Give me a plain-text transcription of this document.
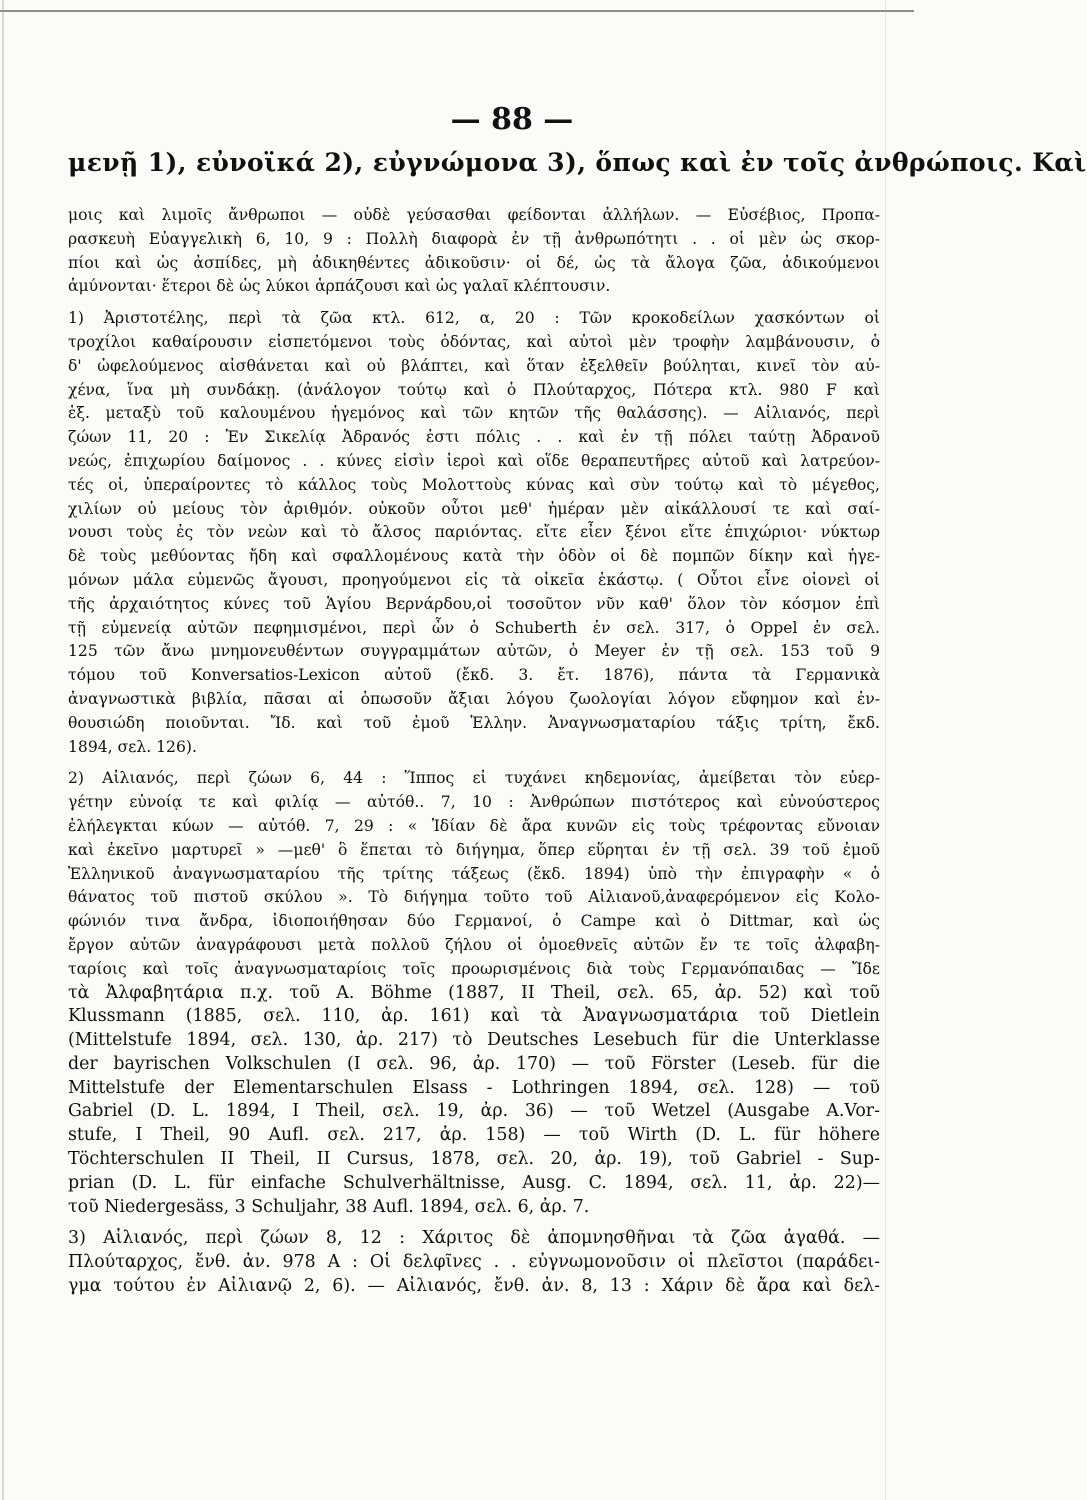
— 88 —
μενῇ 1), εὐνοϊκά 2), εὐγνώμονα 3), ὅπως καὶ ἐν τοῖς ἀνθρώποις. Καὶ
μοις καὶ λιμοῖς ἄνθρωποι — οὐδὲ γεύσασθαι φείδονται ἀλλήλων. — Εὐσέβιος, Προπα-
ρασκευὴ Εὐαγγελικὴ 6, 10, 9 : Πολλὴ διαφορὰ ἐν τῇ ἀνθρωπότητι . . οἱ μὲν ὡς σκορ-
πίοι καὶ ὡς ἀσπίδες, μὴ ἀδικηθέντες ἀδικοῦσιν· οἱ δέ, ὡς τὰ ἄλογα ζῶα, ἀδικούμενοι
ἀμύνονται· ἕτεροι δὲ ὡς λύκοι ἁρπάζουσι καὶ ὡς γαλαῖ κλέπτουσιν.
1) Ἀριστοτέλης, περὶ τὰ ζῶα κτλ. 612, α, 20 : Τῶν κροκοδείλων χασκόντων οἱ
τροχίλοι καθαίρουσιν εἰσπετόμενοι τοὺς ὀδόντας, καὶ αὐτοὶ μὲν τροφὴν λαμβάνουσιν, ὁ
δ' ὠφελούμενος αἰσθάνεται καὶ οὐ βλάπτει, καὶ ὅταν ἐξελθεῖν βούληται, κινεῖ τὸν αὐ-
χένα, ἵνα μὴ συνδάκῃ. (ἀνάλογον τούτῳ καὶ ὁ Πλούταρχος, Πότερα κτλ. 980 F καὶ
ἑξ. μεταξὺ τοῦ καλουμένου ἡγεμόνος καὶ τῶν κητῶν τῆς θαλάσσης). — Αἰλιανός, περὶ
ζώων 11, 20 : Ἐν Σικελίᾳ Ἀδρανός ἐστι πόλις . . καὶ ἐν τῇ πόλει ταύτῃ Ἀδρανοῦ
νεώς, ἐπιχωρίου δαίμονος . . κύνες εἰσὶν ἱεροὶ καὶ οἵδε θεραπευτῆρες αὐτοῦ καὶ λατρεύον-
τές οἱ, ὑπεραίροντες τὸ κάλλος τοὺς Μολοττοὺς κύνας καὶ σὺν τούτῳ καὶ τὸ μέγεθος,
χιλίων οὐ μείους τὸν ἀριθμόν. οὐκοῦν οὗτοι μεθ' ἡμέραν μὲν αἰκάλλουσί τε καὶ σαί-
νουσι τοὺς ἐς τὸν νεὼν καὶ τὸ ἄλσος παριόντας. εἴτε εἶεν ξένοι εἴτε ἐπιχώριοι· νύκτωρ
δὲ τοὺς μεθύοντας ἤδη καὶ σφαλλομένους κατὰ τὴν ὁδὸν οἱ δὲ πομπῶν δίκην καὶ ἡγε-
μόνων μάλα εὐμενῶς ἄγουσι, προηγούμενοι εἰς τὰ οἰκεῖα ἑκάστῳ. ( Οὗτοι εἶνε οἱονεὶ οἱ
τῆς ἀρχαιότητος κύνες τοῦ Ἁγίου Βερνάρδου,οἱ τοσοῦτον νῦν καθ' ὅλον τὸν κόσμον ἐπὶ
τῇ εὐμενείᾳ αὐτῶν πεφημισμένοι, περὶ ὧν ὁ Schuberth ἐν σελ. 317, ὁ Oppel ἐν σελ.
125 τῶν ἄνω μνημονευθέντων συγγραμμάτων αὐτῶν, ὁ Meyer ἐν τῇ σελ. 153 τοῦ 9
τόμου τοῦ Konversatios-Lexicon αὐτοῦ (ἔκδ. 3. ἔτ. 1876), πάντα τὰ Γερμανικὰ
ἀναγνωστικὰ βιβλία, πᾶσαι αἱ ὁπωσοῦν ἄξιαι λόγου ζωολογίαι λόγον εὔφημον καὶ ἐν-
θουσιώδη ποιοῦνται. Ἴδ. καὶ τοῦ ἐμοῦ Ἑλλην. Ἀναγνωσματαρίου τάξις τρίτη, ἔκδ.
1894, σελ. 126).
2) Αἰλιανός, περὶ ζώων 6, 44 : Ἵππος εἰ τυχάνει κηδεμονίας, ἀμείβεται τὸν εὐερ-
γέτην εὐνοίᾳ τε καὶ φιλίᾳ — αὐτόθ.. 7, 10 : Ἀνθρώπων πιστότερος καὶ εὐνούστερος
ἐλήλεγκται κύων — αὐτόθ. 7, 29 : « Ἰδίαν δὲ ἄρα κυνῶν εἰς τοὺς τρέφοντας εὔνοιαν
καὶ ἐκεῖνο μαρτυρεῖ » —μεθ' ὃ ἕπεται τὸ διήγημα, ὅπερ εὕρηται ἐν τῇ σελ. 39 τοῦ ἐμοῦ
Ἑλληνικοῦ ἀναγνωσματαρίου τῆς τρίτης τάξεως (ἔκδ. 1894) ὑπὸ τὴν ἐπιγραφὴν « ὁ
θάνατος τοῦ πιστοῦ σκύλου ». Τὸ διήγημα τοῦτο τοῦ Αἰλιανοῦ,ἀναφερόμενον εἰς Κολο-
φώνιόν τινα ἄνδρα, ἰδιοποιήθησαν δύο Γερμανοί, ὁ Campe καὶ ὁ Dittmar, καὶ ὡς
ἔργον αὐτῶν ἀναγράφουσι μετὰ πολλοῦ ζήλου οἱ ὁμοεθνεῖς αὐτῶν ἔν τε τοῖς ἀλφαβη-
ταρίοις καὶ τοῖς ἀναγνωσματαρίοις τοῖς προωρισμένοις διὰ τοὺς Γερμανόπαιδας — Ἴδε
τὰ Ἀλφαβητάρια π.χ. τοῦ A. Böhme (1887, II Theil, σελ. 65, ἀρ. 52) καὶ τοῦ
Klussmann (1885, σελ. 110, ἀρ. 161) καὶ τὰ Ἀναγνωσματάρια τοῦ Dietlein
(Mittelstufe 1894, σελ. 130, ἀρ. 217) τὸ Deutsches Lesebuch für die Unterklasse
der bayrischen Volkschulen (I σελ. 96, ἀρ. 170) — τοῦ Förster (Leseb. für die
Mittelstufe der Elementarschulen Elsass - Lothringen 1894, σελ. 128) — τοῦ
Gabriel (D. L. 1894, I Theil, σελ. 19, ἀρ. 36) — τοῦ Wetzel (Ausgabe A.Vor-
stufe, I Theil, 90 Aufl. σελ. 217, ἀρ. 158) — τοῦ Wirth (D. L. für höhere
Töchterschulen II Theil, II Cursus, 1878, σελ. 20, ἀρ. 19), τοῦ Gabriel - Sup-
prian (D. L. für einfache Schulverhältnisse, Ausg. C. 1894, σελ. 11, ἀρ. 22)—
τοῦ Niedergesäss, 3 Schuljahr, 38 Aufl. 1894, σελ. 6, ἀρ. 7.
3) Αἰλιανός, περὶ ζώων 8, 12 : Χάριτος δὲ ἀπομνησθῆναι τὰ ζῶα ἀγαθά. —
Πλούταρχος, ἔνθ. ἀν. 978 A : Οἱ δελφῖνες . . εὐγνωμονοῦσιν οἱ πλεῖστοι (παράδει-
γμα τούτου ἐν Αἰλιανῷ 2, 6). — Αἰλιανός, ἔνθ. ἀν. 8, 13 : Χάριν δὲ ἄρα καὶ δελ-
